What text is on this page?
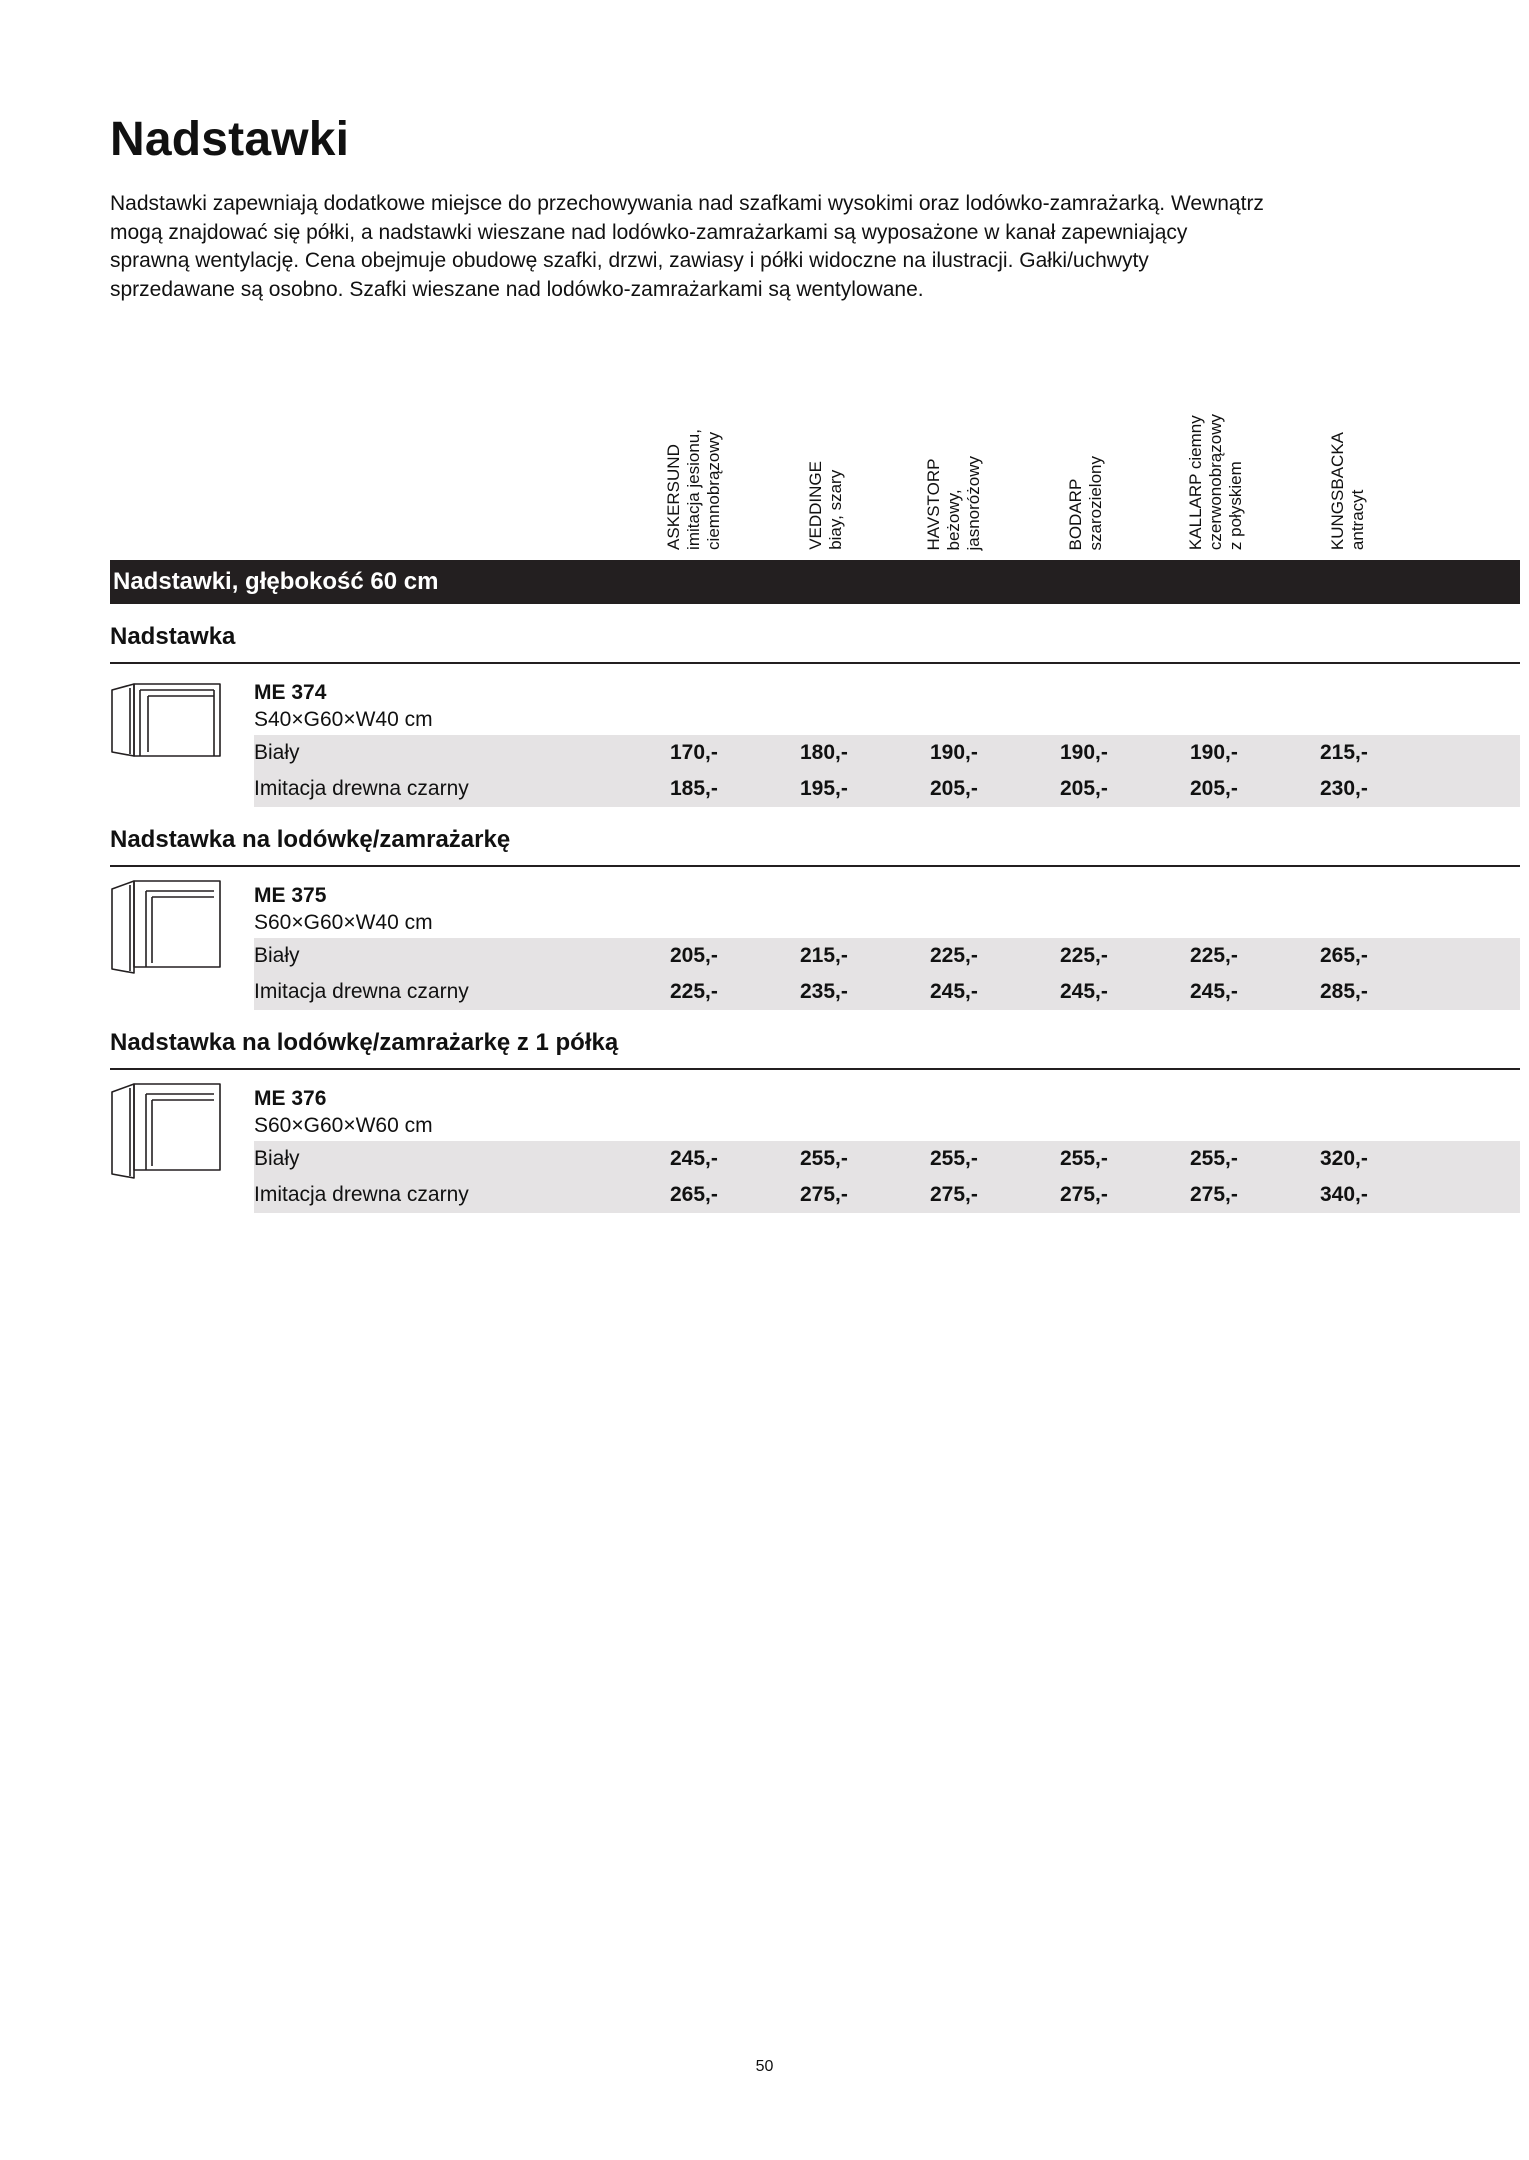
Nadstawki

Nadstawki zapewniają dodatkowe miejsce do przechowywania nad szafkami wysokimi oraz lodówko-zamrażarką. Wewnątrz mogą znajdować się półki, a nadstawki wieszane nad lodówko-zamrażarkami są wyposażone w kanał zapewniający sprawną wentylację. Cena obejmuje obudowę szafki, drzwi, zawiasy i półki widoczne na ilustracji. Gałki/uchwyty sprzedawane są osobno. Szafki wieszane nad lodówko-zamrażarkami są wentylowane.

ASKERSUND
imitacja jesionu,
ciemnobrązowy	VEDDINGE
biay, szary	HAVSTORP
beżowy,
jasnoróżowy	BODARP
szarozielony	KALLARP ciemny
czerwonobrązowy
z połyskiem	KUNGSBACKA
antracyt
Nadstawki, głębokość 60 cm
Nadstawka
ME 374
S40×G60×W40 cm
Biały	170,-	180,-	190,-	190,-	190,-	215,-
Imitacja drewna czarny	185,-	195,-	205,-	205,-	205,-	230,-
Nadstawka na lodówkę/zamrażarkę
ME 375
S60×G60×W40 cm
Biały	205,-	215,-	225,-	225,-	225,-	265,-
Imitacja drewna czarny	225,-	235,-	245,-	245,-	245,-	285,-
Nadstawka na lodówkę/zamrażarkę z 1 półką
ME 376
S60×G60×W60 cm
Biały	245,-	255,-	255,-	255,-	255,-	320,-
Imitacja drewna czarny	265,-	275,-	275,-	275,-	275,-	340,-
50
